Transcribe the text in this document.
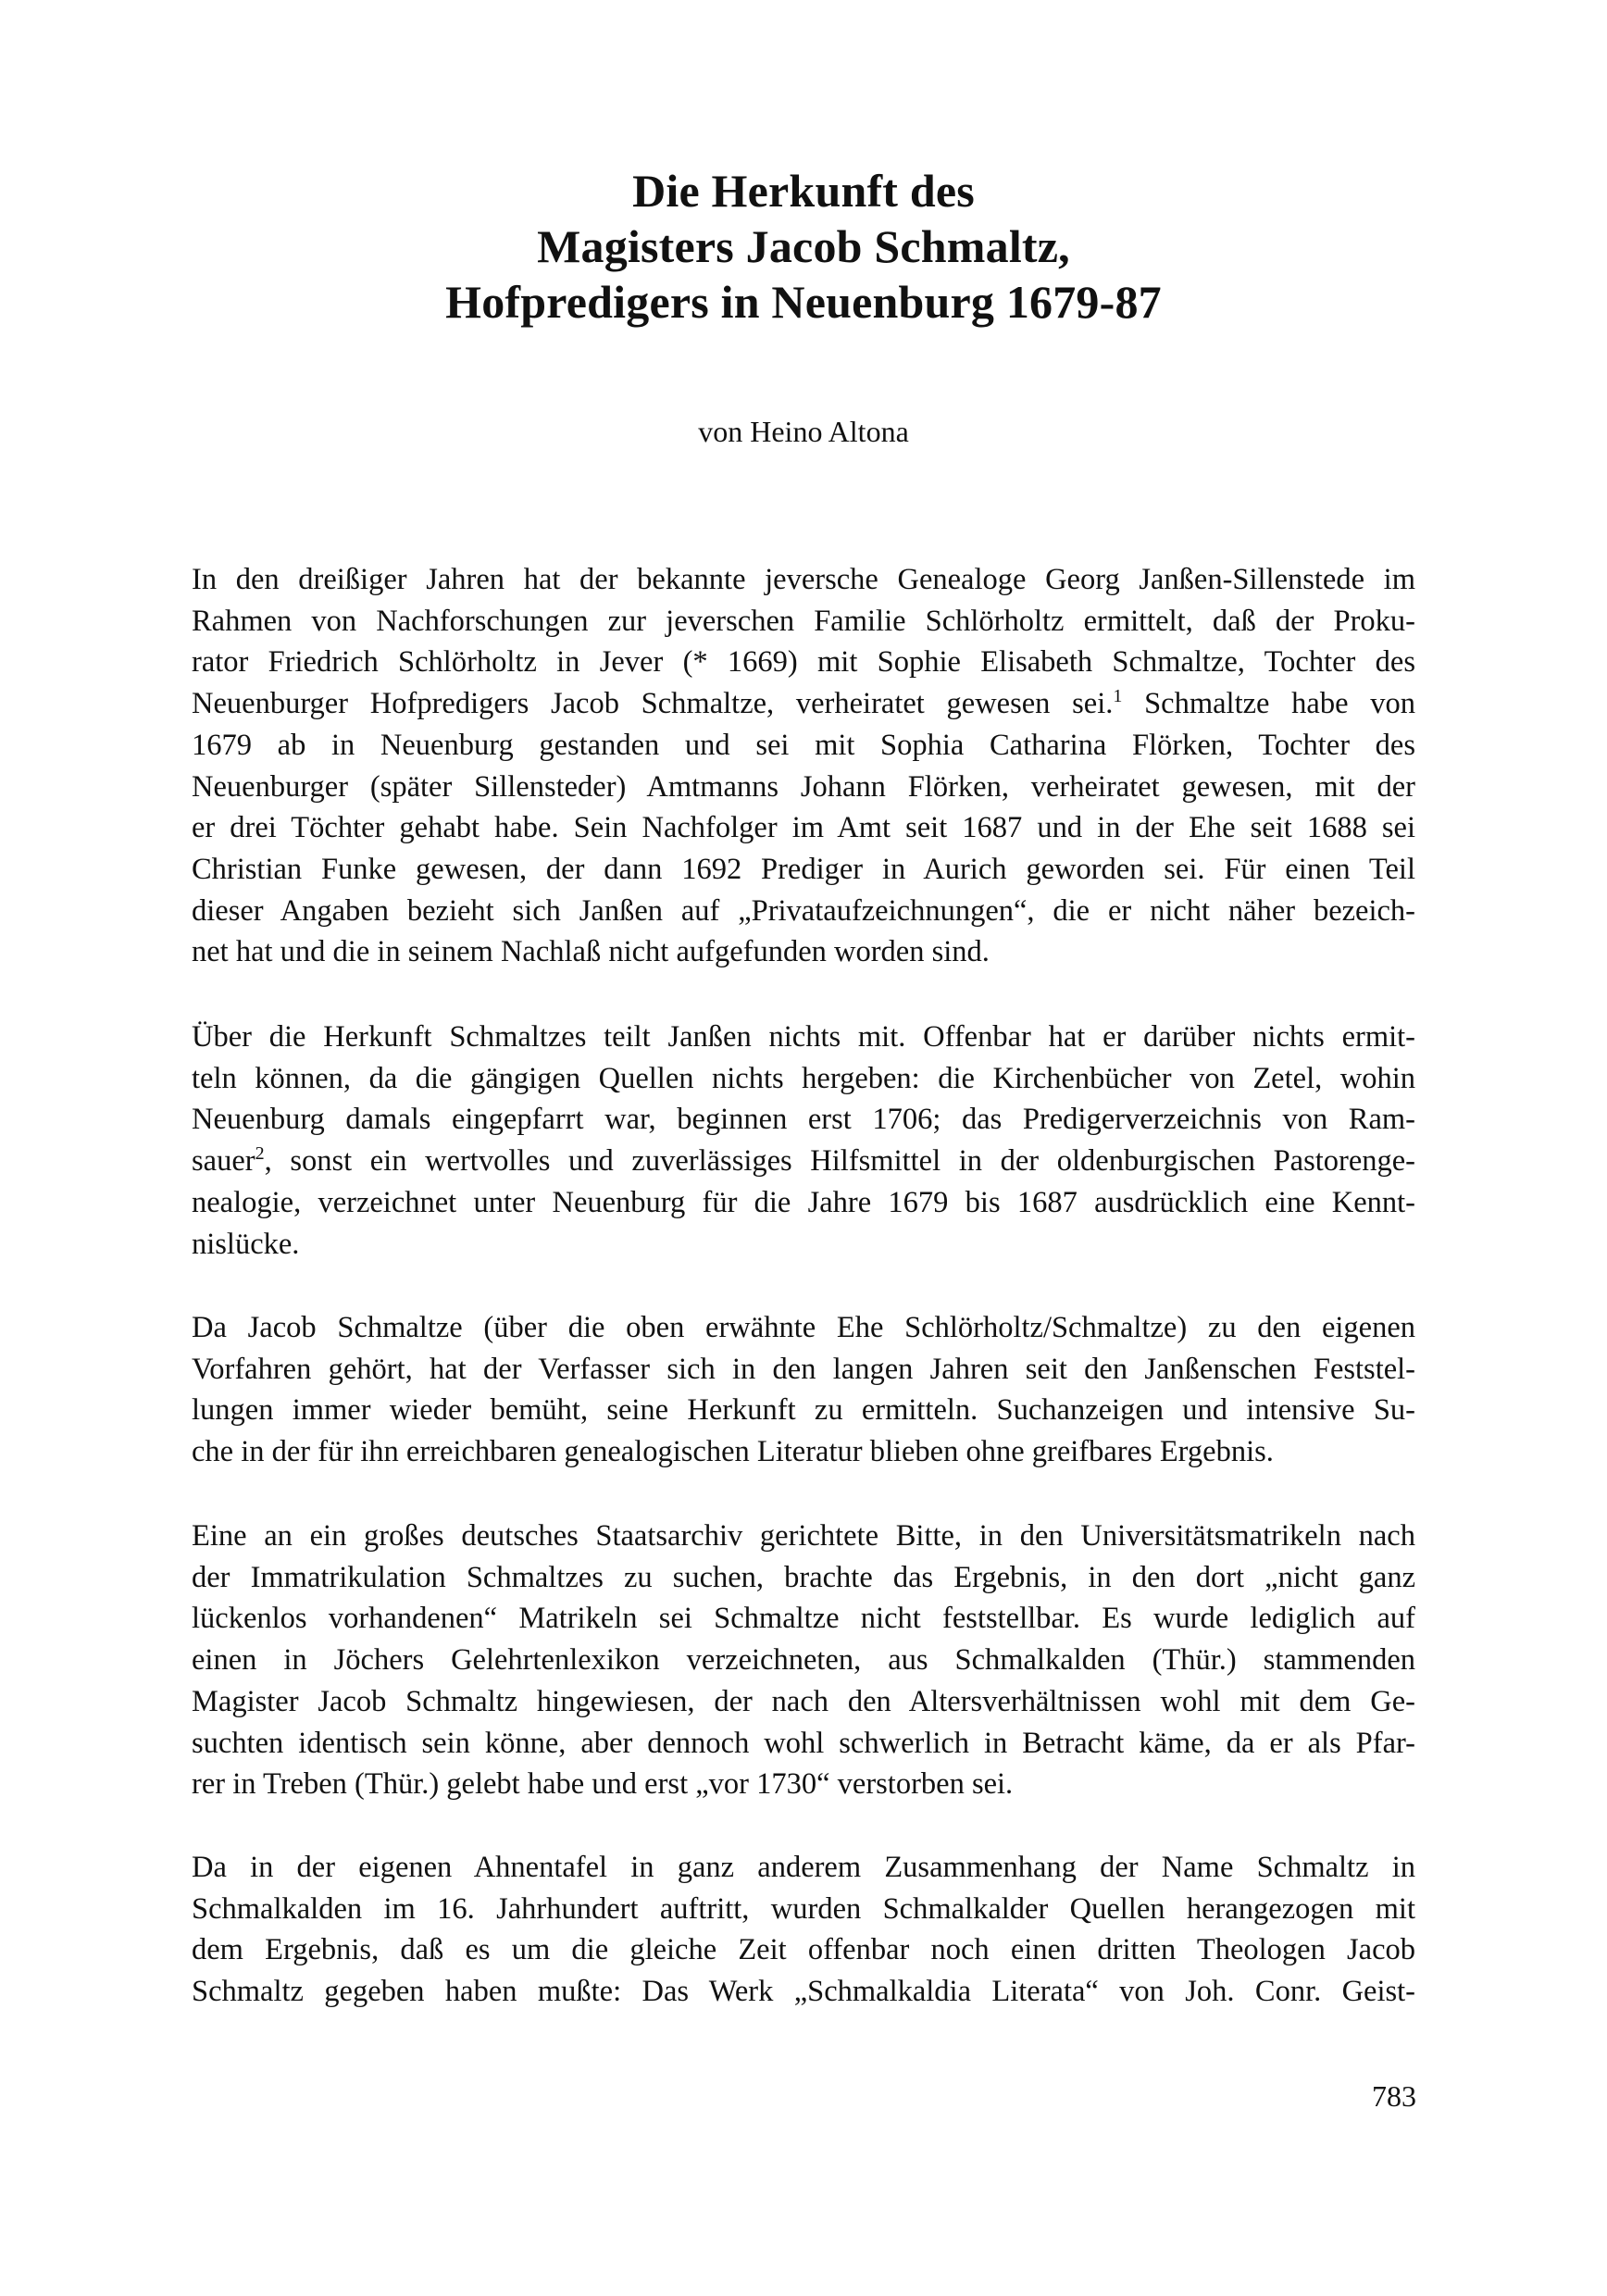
Die Herkunft des
Magisters Jacob Schmaltz,
Hofpredigers in Neuenburg 1679-87
von Heino Altona
In den dreißiger Jahren hat der bekannte jeversche Genealoge Georg Janßen-Sillenstede im
Rahmen von Nachforschungen zur jeverschen Familie Schlörholtz ermittelt, daß der Proku-
rator Friedrich Schlörholtz in Jever (* 1669) mit Sophie Elisabeth Schmaltze, Tochter des
Neuenburger Hofpredigers Jacob Schmaltze, verheiratet gewesen sei.$^1$ Schmaltze habe von
1679 ab in Neuenburg gestanden und sei mit Sophia Catharina Flörken, Tochter des
Neuenburger (später Sillensteder) Amtmanns Johann Flörken, verheiratet gewesen, mit der
er drei Töchter gehabt habe. Sein Nachfolger im Amt seit 1687 und in der Ehe seit 1688 sei
Christian Funke gewesen, der dann 1692 Prediger in Aurich geworden sei. Für einen Teil
dieser Angaben bezieht sich Janßen auf „Privataufzeichnungen“, die er nicht näher bezeich-
net hat und die in seinem Nachlaß nicht aufgefunden worden sind.
Über die Herkunft Schmaltzes teilt Janßen nichts mit. Offenbar hat er darüber nichts ermit-
teln können, da die gängigen Quellen nichts hergeben: die Kirchenbücher von Zetel, wohin
Neuenburg damals eingepfarrt war, beginnen erst 1706; das Predigerverzeichnis von Ram-
sauer$^2$, sonst ein wertvolles und zuverlässiges Hilfsmittel in der oldenburgischen Pastorenge-
nealogie, verzeichnet unter Neuenburg für die Jahre 1679 bis 1687 ausdrücklich eine Kennt-
nislücke.
Da Jacob Schmaltze (über die oben erwähnte Ehe Schlörholtz/Schmaltze) zu den eigenen
Vorfahren gehört, hat der Verfasser sich in den langen Jahren seit den Janßenschen Feststel-
lungen immer wieder bemüht, seine Herkunft zu ermitteln. Suchanzeigen und intensive Su-
che in der für ihn erreichbaren genealogischen Literatur blieben ohne greifbares Ergebnis.
Eine an ein großes deutsches Staatsarchiv gerichtete Bitte, in den Universitätsmatrikeln nach
der Immatrikulation Schmaltzes zu suchen, brachte das Ergebnis, in den dort „nicht ganz
lückenlos vorhandenen“ Matrikeln sei Schmaltze nicht feststellbar. Es wurde lediglich auf
einen in Jöchers Gelehrtenlexikon verzeichneten, aus Schmalkalden (Thür.) stammenden
Magister Jacob Schmaltz hingewiesen, der nach den Altersverhältnissen wohl mit dem Ge-
suchten identisch sein könne, aber dennoch wohl schwerlich in Betracht käme, da er als Pfar-
rer in Treben (Thür.) gelebt habe und erst „vor 1730“ verstorben sei.
Da in der eigenen Ahnentafel in ganz anderem Zusammenhang der Name Schmaltz in
Schmalkalden im 16. Jahrhundert auftritt, wurden Schmalkalder Quellen herangezogen mit
dem Ergebnis, daß es um die gleiche Zeit offenbar noch einen dritten Theologen Jacob
Schmaltz gegeben haben mußte: Das Werk „Schmalkaldia Literata“ von Joh. Conr. Geist-
783
